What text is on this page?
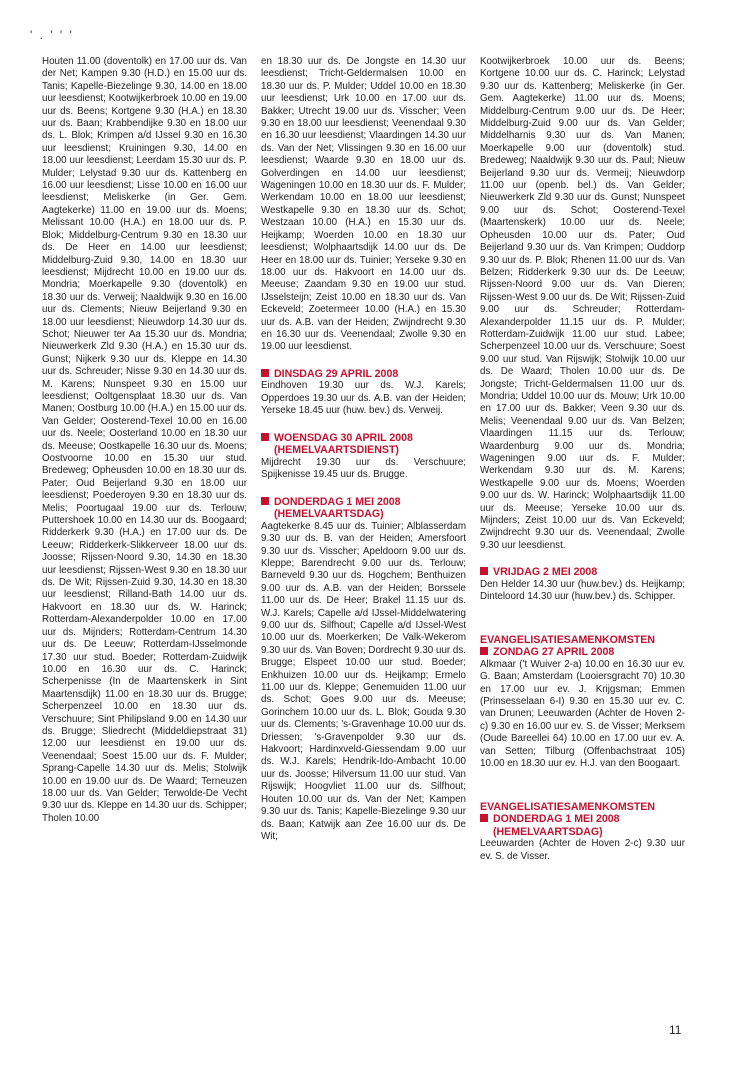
' . ' ' '

Houten 11.00 (doventolk) en 17.00 uur ds. Van der Net; Kampen 9.30 (H.D.) en 15.00 uur ds. Tanis; Kapelle-Biezelinge 9.30, 14.00 en 18.00 uur leesdienst; Kootwijkerbroek 10.00 en 19.00 uur ds. Beens; Kortgene 9.30 (H.A.) en 18.30 uur ds. Baan; Krabbendijke 9.30 en 18.00 uur ds. L. Blok; Krimpen a/d IJssel 9.30 en 16.30 uur leesdienst; Kruiningen 9.30, 14.00 en 18.00 uur leesdienst; Leerdam 15.30 uur ds. P. Mulder; Lelystad 9.30 uur ds. Kattenberg en 16.00 uur leesdienst; Lisse 10.00 en 16.00 uur leesdienst; Meliskerke (in Ger. Gem. Aagtekerke) 11.00 en 19.00 uur ds. Moens; Melissant 10.00 (H.A.) en 18.00 uur ds. P. Blok; Middelburg-Centrum 9.30 en 18.30 uur ds. De Heer en 14.00 uur leesdienst; Middelburg-Zuid 9.30, 14.00 en 18.30 uur leesdienst; Mijdrecht 10.00 en 19.00 uur ds. Mondria; Moerkapelle 9.30 (doventolk) en 18.30 uur ds. Verweij; Naaldwijk 9.30 en 16.00 uur ds. Clements; Nieuw Beijerland 9.30 en 18.00 uur leesdienst; Nieuwdorp 14.30 uur ds. Schot; Nieuwer ter Aa 15.30 uur ds. Mondria; Nieuwerkerk Zld 9.30 (H.A.) en 15.30 uur ds. Gunst; Nijkerk 9.30 uur ds. Kleppe en 14.30 uur ds. Schreuder; Nisse 9.30 en 14.30 uur ds. M. Karens; Nunspeet 9.30 en 15.00 uur leesdienst; Ooltgensplaat 18.30 uur ds. Van Manen; Oostburg 10.00 (H.A.) en 15.00 uur ds. Van Gelder; Oosterend-Texel 10.00 en 16.00 uur ds. Neele; Oosterland 10.00 en 18.30 uur ds. Meeuse; Oostkapelle 16.30 uur ds. Moens; Oostvoorne 10.00 en 15.30 uur stud. Bredeweg; Opheusden 10.00 en 18.30 uur ds. Pater; Oud Beijerland 9.30 en 18.00 uur leesdienst; Poederoyen 9.30 en 18.30 uur ds. Melis; Poortugaal 19.00 uur ds. Terlouw; Puttershoek 10.00 en 14.30 uur ds. Boogaard; Ridderkerk 9.30 (H.A.) en 17.00 uur ds. De Leeuw; Ridderkerk-Slikkerveer 18.00 uur ds. Joosse; Rijssen-Noord 9.30, 14.30 en 18.30 uur leesdienst; Rijssen-West 9.30 en 18.30 uur ds. De Wit; Rijssen-Zuid 9.30, 14.30 en 18.30 uur leesdienst; Rilland-Bath 14.00 uur ds. Hakvoort en 18.30 uur ds. W. Harinck; Rotterdam-Alexanderpolder 10.00 en 17.00 uur ds. Mijnders; Rotterdam-Centrum 14.30 uur ds. De Leeuw; Rotterdam-IJsselmonde 17.30 uur stud. Boeder; Rotterdam-Zuidwijk 10.00 en 16.30 uur ds. C. Harinck; Scherpenisse (In de Maartenskerk in Sint Maartensdijk) 11.00 en 18.30 uur ds. Brugge; Scherpenzeel 10.00 en 18.30 uur ds. Verschuure; Sint Philipsland 9.00 en 14.30 uur ds. Brugge; Sliedrecht (Middeldiepstraat 31) 12.00 uur leesdienst en 19.00 uur ds. Veenendaal; Soest 15.00 uur ds. F. Mulder; Sprang-Capelle 14.30 uur ds. Melis; Stolwijk 10.00 en 19.00 uur ds. De Waard; Terneuzen 18.00 uur ds. Van Gelder; Terwolde-De Vecht 9.30 uur ds. Kleppe en 14.30 uur ds. Schipper; Tholen 10.00

en 18.30 uur ds. De Jongste en 14.30 uur leesdienst; Tricht-Geldermalsen 10.00 en 18.30 uur ds. P. Mulder; Uddel 10.00 en 18.30 uur leesdienst; Urk 10.00 en 17.00 uur ds. Bakker; Utrecht 19.00 uur ds. Visscher; Veen 9.30 en 18.00 uur leesdienst; Veenendaal 9.30 en 16.30 uur leesdienst; Vlaardingen 14.30 uur ds. Van der Net; Vlissingen 9.30 en 16.00 uur leesdienst; Waarde 9.30 en 18.00 uur ds. Golverdingen en 14.00 uur leesdienst; Wageningen 10.00 en 18.30 uur ds. F. Mulder; Werkendam 10.00 en 18.00 uur leesdienst; Westkapelle 9.30 en 18.30 uur ds. Schot; Westzaan 10.00 (H.A.) en 15.30 uur ds. Heijkamp; Woerden 10.00 en 18.30 uur leesdienst; Wolphaartsdijk 14.00 uur ds. De Heer en 18.00 uur ds. Tuinier; Yerseke 9.30 en 18.00 uur ds. Hakvoort en 14.00 uur ds. Meeuse; Zaandam 9.30 en 19.00 uur stud. IJsselsteijn; Zeist 10.00 en 18.30 uur ds. Van Eckeveld; Zoetermeer 10.00 (H.A.) en 15.30 uur ds. A.B. van der Heiden; Zwijndrecht 9.30 en 16.30 uur ds. Veenendaal; Zwolle 9.30 en 19.00 uur leesdienst.

DINSDAG 29 APRIL 2008

Eindhoven 19.30 uur ds. W.J. Karels; Opperdoes 19.30 uur ds. A.B. van der Heiden; Yerseke 18.45 uur (huw. bev.) ds. Verweij.

WOENSDAG 30 APRIL 2008
(HEMELVAARTSDIENST)

Mijdrecht 19.30 uur ds. Verschuure; Spijkenisse 19.45 uur ds. Brugge.

DONDERDAG 1 MEI 2008
(HEMELVAARTSDAG)

Aagtekerke 8.45 uur ds. Tuinier; Alblasserdam 9.30 uur ds. B. van der Heiden; Amersfoort 9.30 uur ds. Visscher; Apeldoorn 9.00 uur ds. Kleppe; Barendrecht 9.00 uur ds. Terlouw; Barneveld 9.30 uur ds. Hogchem; Benthuizen 9.00 uur ds. A.B. van der Heiden; Borssele 11.00 uur ds. De Heer; Brakel 11.15 uur ds. W.J. Karels; Capelle a/d IJssel-Middelwatering 9.00 uur ds. Silfhout; Capelle a/d IJssel-West 10.00 uur ds. Moerkerken; De Valk-Wekerom 9.30 uur ds. Van Boven; Dordrecht 9.30 uur ds. Brugge; Elspeet 10.00 uur stud. Boeder; Enkhuizen 10.00 uur ds. Heijkamp; Ermelo 11.00 uur ds. Kleppe; Genemuiden 11.00 uur ds. Schot; Goes 9.00 uur ds. Meeuse; Gorinchem 10.00 uur ds. L. Blok; Gouda 9.30 uur ds. Clements; 's-Gravenhage 10.00 uur ds. Driessen; 's-Gravenpolder 9.30 uur ds. Hakvoort; Hardinxveld-Giessendam 9.00 uur ds. W.J. Karels; Hendrik-Ido-Ambacht 10.00 uur ds. Joosse; Hilversum 11.00 uur stud. Van Rijswijk; Hoogvliet 11.00 uur ds. Silfhout; Houten 10.00 uur ds. Van der Net; Kampen 9.30 uur ds. Tanis; Kapelle-Biezelinge 9.30 uur ds. Baan; Katwijk aan Zee 16.00 uur ds. De Wit;

Kootwijkerbroek 10.00 uur ds. Beens; Kortgene 10.00 uur ds. C. Harinck; Lelystad 9.30 uur ds. Kattenberg; Meliskerke (in Ger. Gem. Aagtekerke) 11.00 uur ds. Moens; Middelburg-Centrum 9.00 uur ds. De Heer; Middelburg-Zuid 9.00 uur ds. Van Gelder; Middelharnis 9.30 uur ds. Van Manen; Moerkapelle 9.00 uur (doventolk) stud. Bredeweg; Naaldwijk 9.30 uur ds. Paul; Nieuw Beijerland 9.30 uur ds. Vermeij; Nieuwdorp 11.00 uur (openb. bel.) ds. Van Gelder; Nieuwerkerk Zld 9.30 uur ds. Gunst; Nunspeet 9.00 uur ds. Schot; Oosterend-Texel (Maartenskerk) 10.00 uur ds. Neele; Opheusden 10.00 uur ds. Pater; Oud Beijerland 9.30 uur ds. Van Krimpen; Ouddorp 9.30 uur ds. P. Blok; Rhenen 11.00 uur ds. Van Belzen; Ridderkerk 9.30 uur ds. De Leeuw; Rijssen-Noord 9.00 uur ds. Van Dieren; Rijssen-West 9.00 uur ds. De Wit; Rijssen-Zuid 9.00 uur ds. Schreuder; Rotterdam-Alexanderpolder 11.15 uur ds. P. Mulder; Rotterdam-Zuidwijk 11.00 uur stud. Labee; Scherpenzeel 10.00 uur ds. Verschuure; Soest 9.00 uur stud. Van Rijswijk; Stolwijk 10.00 uur ds. De Waard; Tholen 10.00 uur ds. De Jongste; Tricht-Geldermalsen 11.00 uur ds. Mondria; Uddel 10.00 uur ds. Mouw; Urk 10.00 en 17.00 uur ds. Bakker; Veen 9.30 uur ds. Melis; Veenendaal 9.00 uur ds. Van Belzen; Vlaardingen 11.15 uur ds. Terlouw; Waardenburg 9.00 uur ds. Mondria; Wageningen 9.00 uur ds. F. Mulder; Werkendam 9.30 uur ds. M. Karens; Westkapelle 9.00 uur ds. Moens; Woerden 9.00 uur ds. W. Harinck; Wolphaartsdijk 11.00 uur ds. Meeuse; Yerseke 10.00 uur ds. Mijnders; Zeist 10.00 uur ds. Van Eckeveld; Zwijndrecht 9.30 uur ds. Veenendaal; Zwolle 9.30 uur leesdienst.

VRIJDAG 2 MEI 2008

Den Helder 14.30 uur (huw.bev.) ds. Heijkamp; Dinteloord 14.30 uur (huw.bev.) ds. Schipper.

EVANGELISATIESAMENKOMSTEN
ZONDAG 27 APRIL 2008

Alkmaar ('t Wuiver 2-a) 10.00 en 16.30 uur ev. G. Baan; Amsterdam (Looiersgracht 70) 10.30 en 17.00 uur ev. J. Krijgsman; Emmen (Prinsesselaan 6-I) 9.30 en 15.30 uur ev. C. van Drunen; Leeuwarden (Achter de Hoven 2-c) 9.30 en 16.00 uur ev. S. de Visser; Merksem (Oude Bareellei 64) 10.00 en 17.00 uur ev. A. van Setten; Tilburg (Offenbachstraat 105) 10.00 en 18.30 uur ev. H.J. van den Boogaart.

EVANGELISATIESAMENKOMSTEN
DONDERDAG 1 MEI 2008
(HEMELVAARTSDAG)

Leeuwarden (Achter de Hoven 2-c) 9.30 uur ev. S. de Visser.

11
